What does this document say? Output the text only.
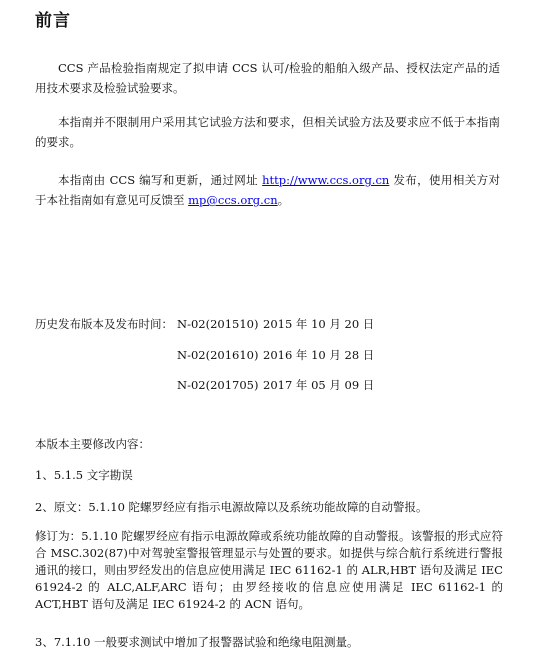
前言

CCS 产品检验指南规定了拟申请 CCS 认可/检验的船舶入级产品、授权法定产品的适用技术要求及检验试验要求。

本指南并不限制用户采用其它试验方法和要求，但相关试验方法及要求应不低于本指南的要求。

本指南由 CCS 编写和更新，通过网址 http://www.ccs.org.cn 发布，使用相关方对于本社指南如有意见可反馈至 mp@ccs.org.cn。

历史发布版本及发布时间： N-02(201510) 2015 年 10 月 20 日
N-02(201610) 2016 年 10 月 28 日
N-02(201705) 2017 年 05 月 09 日

本版本主要修改内容：

1、5.1.5 文字勘误

2、原文：5.1.10 陀螺罗经应有指示电源故障以及系统功能故障的自动警报。

修订为：5.1.10 陀螺罗经应有指示电源故障或系统功能故障的自动警报。该警报的形式应符合 MSC.302(87)中对驾驶室警报管理显示与处置的要求。如提供与综合航行系统进行警报通讯的接口，则由罗经发出的信息应使用满足 IEC 61162-1 的 ALR,HBT 语句及满足 IEC 61924-2 的 ALC,ALF,ARC 语句；由罗经接收的信息应使用满足 IEC 61162-1 的 ACT,HBT 语句及满足 IEC 61924-2 的 ACN 语句。

3、7.1.10 一般要求测试中增加了报警器试验和绝缘电阻测量。
